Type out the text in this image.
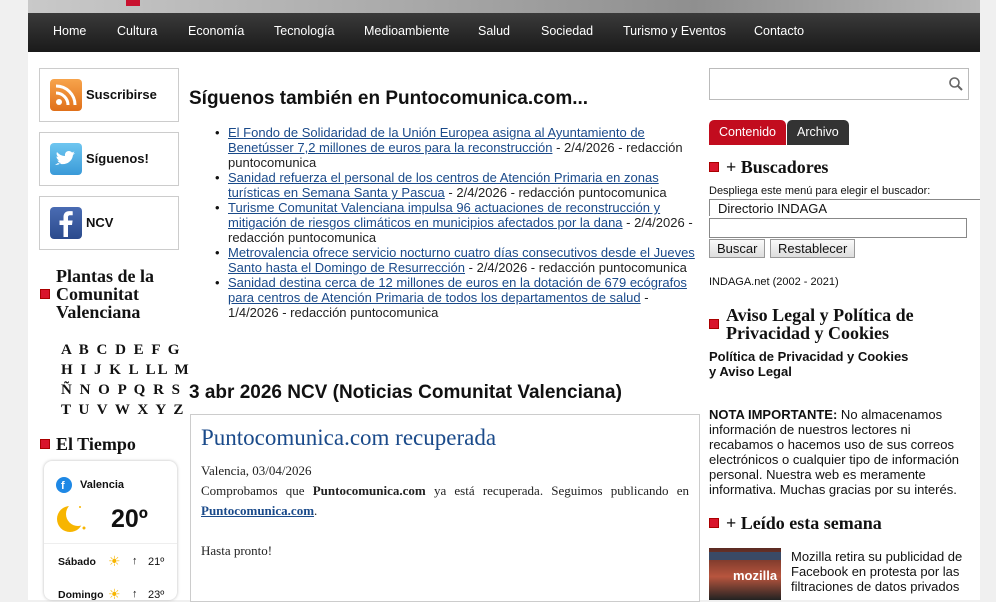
Home Cultura Economía Tecnología Medioambiente Salud Sociedad Turismo y Eventos Contacto
Suscribirse
Síguenos!
NCV
Plantas de la
Comunitat
Valenciana
A B C D E F G
H I J K L LL M
Ñ N O P Q R S
T U V W X Y Z
El Tiempo
f Valencia
20º
Sábado ☀ ↑ 21º
Domingo ☀ ↑ 23º
Síguenos también en Puntocomunica.com...
• El Fondo de Solidaridad de la Unión Europea asigna al Ayuntamiento de Benetússer 7,2 millones de euros para la reconstrucción - 2/4/2026 - redacción puntocomunica
• Sanidad refuerza el personal de los centros de Atención Primaria en zonas turísticas en Semana Santa y Pascua - 2/4/2026 - redacción puntocomunica
• Turisme Comunitat Valenciana impulsa 96 actuaciones de reconstrucción y mitigación de riesgos climáticos en municipios afectados por la dana - 2/4/2026 - redacción puntocomunica
• Metrovalencia ofrece servicio nocturno cuatro días consecutivos desde el Jueves Santo hasta el Domingo de Resurrección - 2/4/2026 - redacción puntocomunica
• Sanidad destina cerca de 12 millones de euros en la dotación de 679 ecógrafos para centros de Atención Primaria de todos los departamentos de salud - 1/4/2026 - redacción puntocomunica
3 abr 2026 NCV (Noticias Comunitat Valenciana)
Puntocomunica.com recuperada
Valencia, 03/04/2026
Comprobamos que Puntocomunica.com ya está recuperada. Seguimos publicando en Puntocomunica.com.
Hasta pronto!
Contenido	Archivo
+ Buscadores
Despliega este menú para elegir el buscador:
Directorio INDAGA
Buscar	Restablecer
INDAGA.net (2002 - 2021)
Aviso Legal y Política de
Privacidad y Cookies
Política de Privacidad y Cookies
y Aviso Legal
NOTA IMPORTANTE: No almacenamos información de nuestros lectores ni recabamos o hacemos uso de sus correos electrónicos o cualquier tipo de información personal. Nuestra web es meramente informativa. Muchas gracias por su interés.
+ Leído esta semana
mozilla
Mozilla retira su publicidad de Facebook en protesta por las filtraciones de datos privados
